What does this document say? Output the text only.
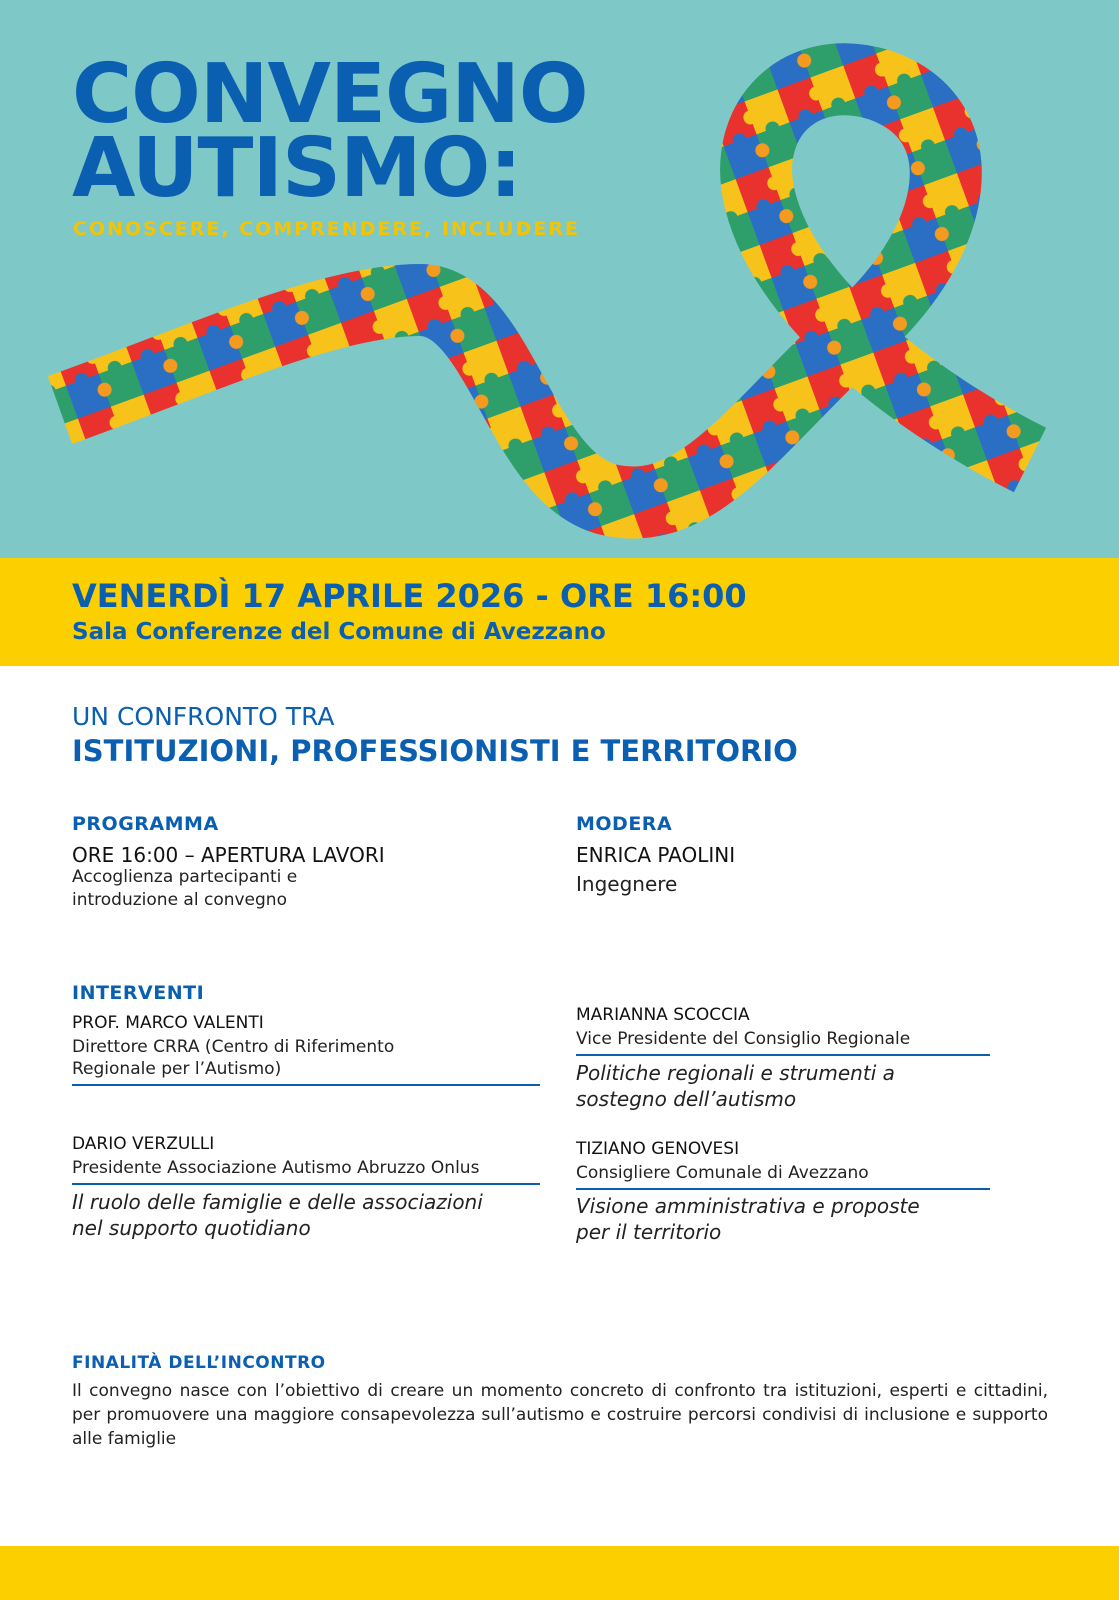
CONVEGNO
AUTISMO:

CONOSCERE, COMPRENDERE, INCLUDERE

VENERDÌ 17 APRILE 2026 - ORE 16:00

Sala Conferenze del Comune di Avezzano

UN CONFRONTO TRA

ISTITUZIONI, PROFESSIONISTI E TERRITORIO

PROGRAMMA

ORE 16:00 – APERTURA LAVORI

Accoglienza partecipanti e
introduzione al convegno

MODERA

ENRICA PAOLINI

Ingegnere

INTERVENTI

PROF. MARCO VALENTI

Direttore CRRA (Centro di Riferimento
Regionale per l’Autismo)

MARIANNA SCOCCIA

Vice Presidente del Consiglio Regionale

Politiche regionali e strumenti a
sostegno dell’autismo

DARIO VERZULLI

Presidente Associazione Autismo Abruzzo Onlus

Il ruolo delle famiglie e delle associazioni
nel supporto quotidiano

TIZIANO GENOVESI

Consigliere Comunale di Avezzano

Visione amministrativa e proposte
per il territorio

FINALITÀ DELL’INCONTRO

Il convegno nasce con l’obiettivo di creare un momento concreto di confronto tra istituzioni, esperti e cittadini, per promuovere una maggiore consapevolezza sull’autismo e costruire percorsi condivisi di inclusione e supporto alle famiglie
